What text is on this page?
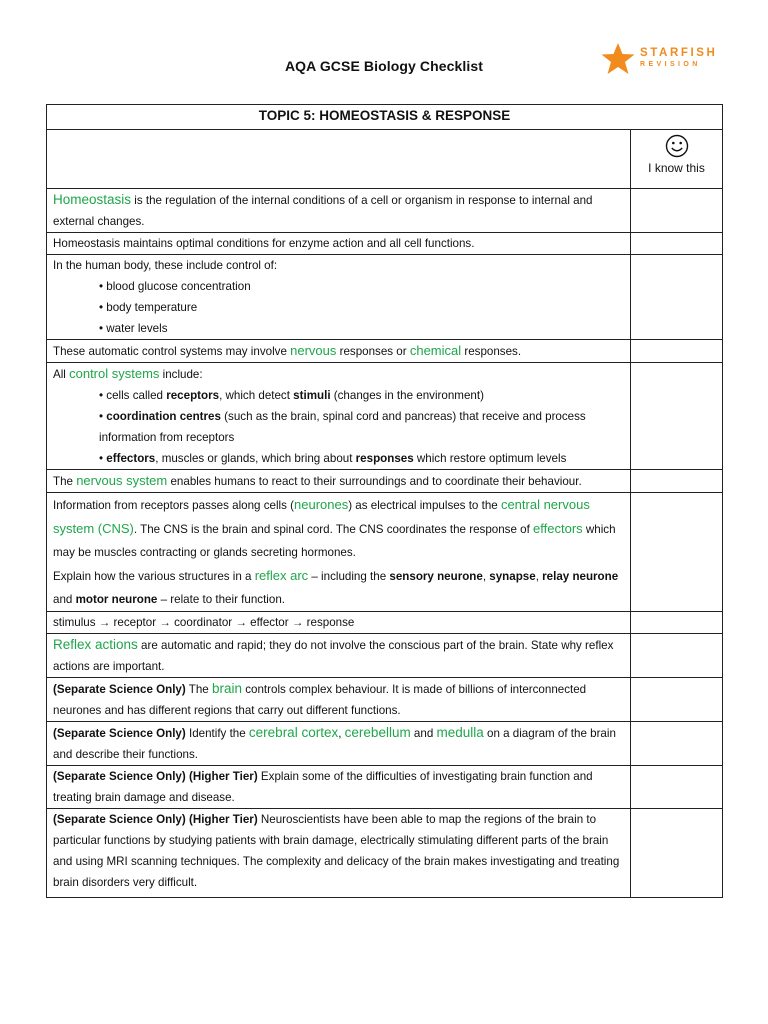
AQA GCSE Biology Checklist
STARFISH
REVISION
TOPIC 5: HOMEOSTASIS & RESPONSE	

	I know this

Homeostasis is the regulation of the internal conditions of a cell or organism in response to internal and external changes.	
Homeostasis maintains optimal conditions for enzyme action and all cell functions.	

In the human body, these include control of:
• blood glucose concentration
• body temperature
• water levels	

These automatic control systems may involve nervous responses or chemical responses.	

All control systems include:
• cells called receptors, which detect stimuli (changes in the environment)
• coordination centres (such as the brain, spinal cord and pancreas) that receive and process information from receptors
• effectors, muscles or glands, which bring about responses which restore optimum levels	

The nervous system enables humans to react to their surroundings and to coordinate their behaviour.	

Information from receptors passes along cells (neurones) as electrical impulses to the central nervous system (CNS). The CNS is the brain and spinal cord. The CNS coordinates the response of effectors which may be muscles contracting or glands secreting hormones.
Explain how the various structures in a reflex arc – including the sensory neurone, synapse, relay neurone and motor neurone – relate to their function.	

stimulus → receptor → coordinator → effector → response	
Reflex actions are automatic and rapid; they do not involve the conscious part of the brain. State why reflex actions are important.	
(Separate Science Only) The brain controls complex behaviour. It is made of billions of interconnected neurones and has different regions that carry out different functions.	
(Separate Science Only) Identify the cerebral cortex, cerebellum and medulla on a diagram of the brain and describe their functions.	
(Separate Science Only) (Higher Tier) Explain some of the difficulties of investigating brain function and treating brain damage and disease.	
(Separate Science Only) (Higher Tier) Neuroscientists have been able to map the regions of the brain to particular functions by studying patients with brain damage, electrically stimulating different parts of the brain and using MRI scanning techniques. The complexity and delicacy of the brain makes investigating and treating brain disorders very difficult.	
